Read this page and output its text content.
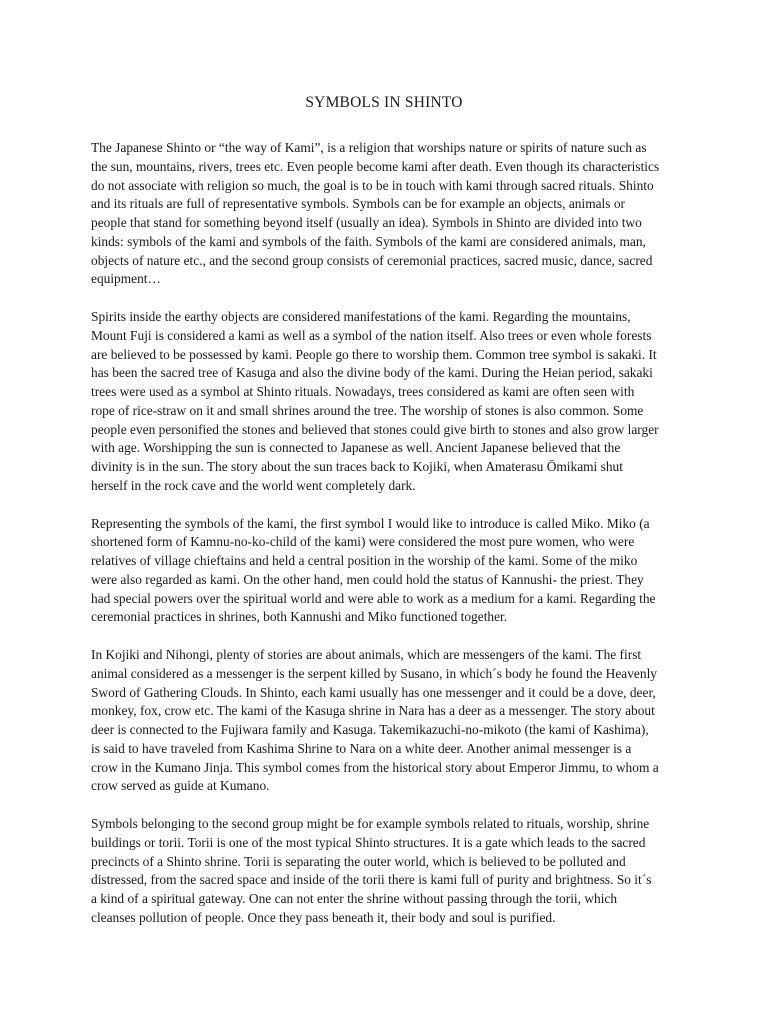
SYMBOLS IN SHINTO

The Japanese Shinto or “the way of Kami”, is a religion that worships nature or spirits of nature such as
the sun, mountains, rivers, trees etc. Even people become kami after death. Even though its characteristics
do not associate with religion so much, the goal is to be in touch with kami through sacred rituals. Shinto
and its rituals are full of representative symbols. Symbols can be for example an objects, animals or
people that stand for something beyond itself (usually an idea). Symbols in Shinto are divided into two
kinds: symbols of the kami and symbols of the faith. Symbols of the kami are considered animals, man,
objects of nature etc., and the second group consists of ceremonial practices, sacred music, dance, sacred
equipment…

Spirits inside the earthy objects are considered manifestations of the kami. Regarding the mountains,
Mount Fuji is considered a kami as well as a symbol of the nation itself. Also trees or even whole forests
are believed to be possessed by kami. People go there to worship them. Common tree symbol is sakaki. It
has been the sacred tree of Kasuga and also the divine body of the kami. During the Heian period, sakaki
trees were used as a symbol at Shinto rituals. Nowadays, trees considered as kami are often seen with
rope of rice-straw on it and small shrines around the tree. The worship of stones is also common. Some
people even personified the stones and believed that stones could give birth to stones and also grow larger
with age. Worshipping the sun is connected to Japanese as well. Ancient Japanese believed that the
divinity is in the sun. The story about the sun traces back to Kojiki, when Amaterasu Ōmikami shut
herself in the rock cave and the world went completely dark.

Representing the symbols of the kami, the first symbol I would like to introduce is called Miko. Miko (a
shortened form of Kamnu-no-ko-child of the kami) were considered the most pure women, who were
relatives of village chieftains and held a central position in the worship of the kami. Some of the miko
were also regarded as kami. On the other hand, men could hold the status of Kannushi- the priest. They
had special powers over the spiritual world and were able to work as a medium for a kami. Regarding the
ceremonial practices in shrines, both Kannushi and Miko functioned together.

In Kojiki and Nihongi, plenty of stories are about animals, which are messengers of the kami. The first
animal considered as a messenger is the serpent killed by Susano, in which´s body he found the Heavenly
Sword of Gathering Clouds. In Shinto, each kami usually has one messenger and it could be a dove, deer,
monkey, fox, crow etc. The kami of the Kasuga shrine in Nara has a deer as a messenger. The story about
deer is connected to the Fujiwara family and Kasuga. Takemikazuchi-no-mikoto (the kami of Kashima),
is said to have traveled from Kashima Shrine to Nara on a white deer. Another animal messenger is a
crow in the Kumano Jinja. This symbol comes from the historical story about Emperor Jimmu, to whom a
crow served as guide at Kumano.

Symbols belonging to the second group might be for example symbols related to rituals, worship, shrine
buildings or torii. Torii is one of the most typical Shinto structures. It is a gate which leads to the sacred
precincts of a Shinto shrine. Torii is separating the outer world, which is believed to be polluted and
distressed, from the sacred space and inside of the torii there is kami full of purity and brightness. So it´s
a kind of a spiritual gateway. One can not enter the shrine without passing through the torii, which
cleanses pollution of people. Once they pass beneath it, their body and soul is purified.
